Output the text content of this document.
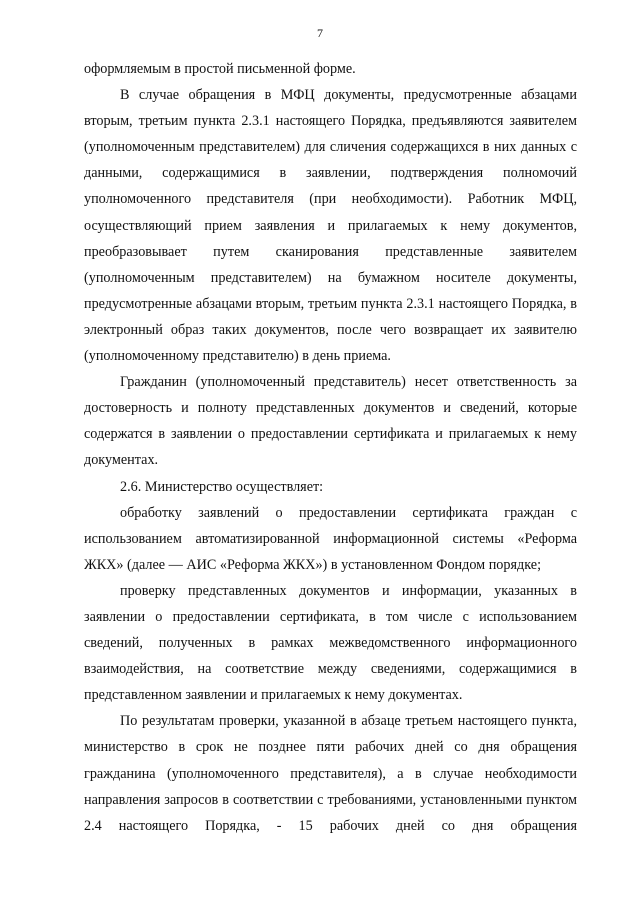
7

оформляемым в простой письменной форме.

В случае обращения в МФЦ документы, предусмотренные абзацами вторым, третьим пункта 2.3.1 настоящего Порядка, предъявляются заявителем (уполномоченным представителем) для сличения содержащихся в них данных с данными, содержащимися в заявлении, подтверждения полномочий уполномоченного представителя (при необходимости). Работник МФЦ, осуществляющий прием заявления и прилагаемых к нему документов, преобразовывает путем сканирования представленные заявителем (уполномоченным представителем) на бумажном носителе документы, предусмотренные абзацами вторым, третьим пункта 2.3.1 настоящего Порядка, в электронный образ таких документов, после чего возвращает их заявителю (уполномоченному представителю) в день приема.

Гражданин (уполномоченный представитель) несет ответственность за достоверность и полноту представленных документов и сведений, которые содержатся в заявлении о предоставлении сертификата и прилагаемых к нему документах.

2.6. Министерство осуществляет:

обработку заявлений о предоставлении сертификата граждан с использованием автоматизированной информационной системы «Реформа ЖКХ» (далее — АИС «Реформа ЖКХ») в установленном Фондом порядке;

проверку представленных документов и информации, указанных в заявлении о предоставлении сертификата, в том числе с использованием сведений, полученных в рамках межведомственного информационного взаимодействия, на соответствие между сведениями, содержащимися в представленном заявлении и прилагаемых к нему документах.

По результатам проверки, указанной в абзаце третьем настоящего пункта, министерство в срок не позднее пяти рабочих дней со дня обращения гражданина (уполномоченного представителя), а в случае необходимости направления запросов в соответствии с требованиями, установленными пунктом 2.4 настоящего Порядка, - 15 рабочих дней со дня обращения
